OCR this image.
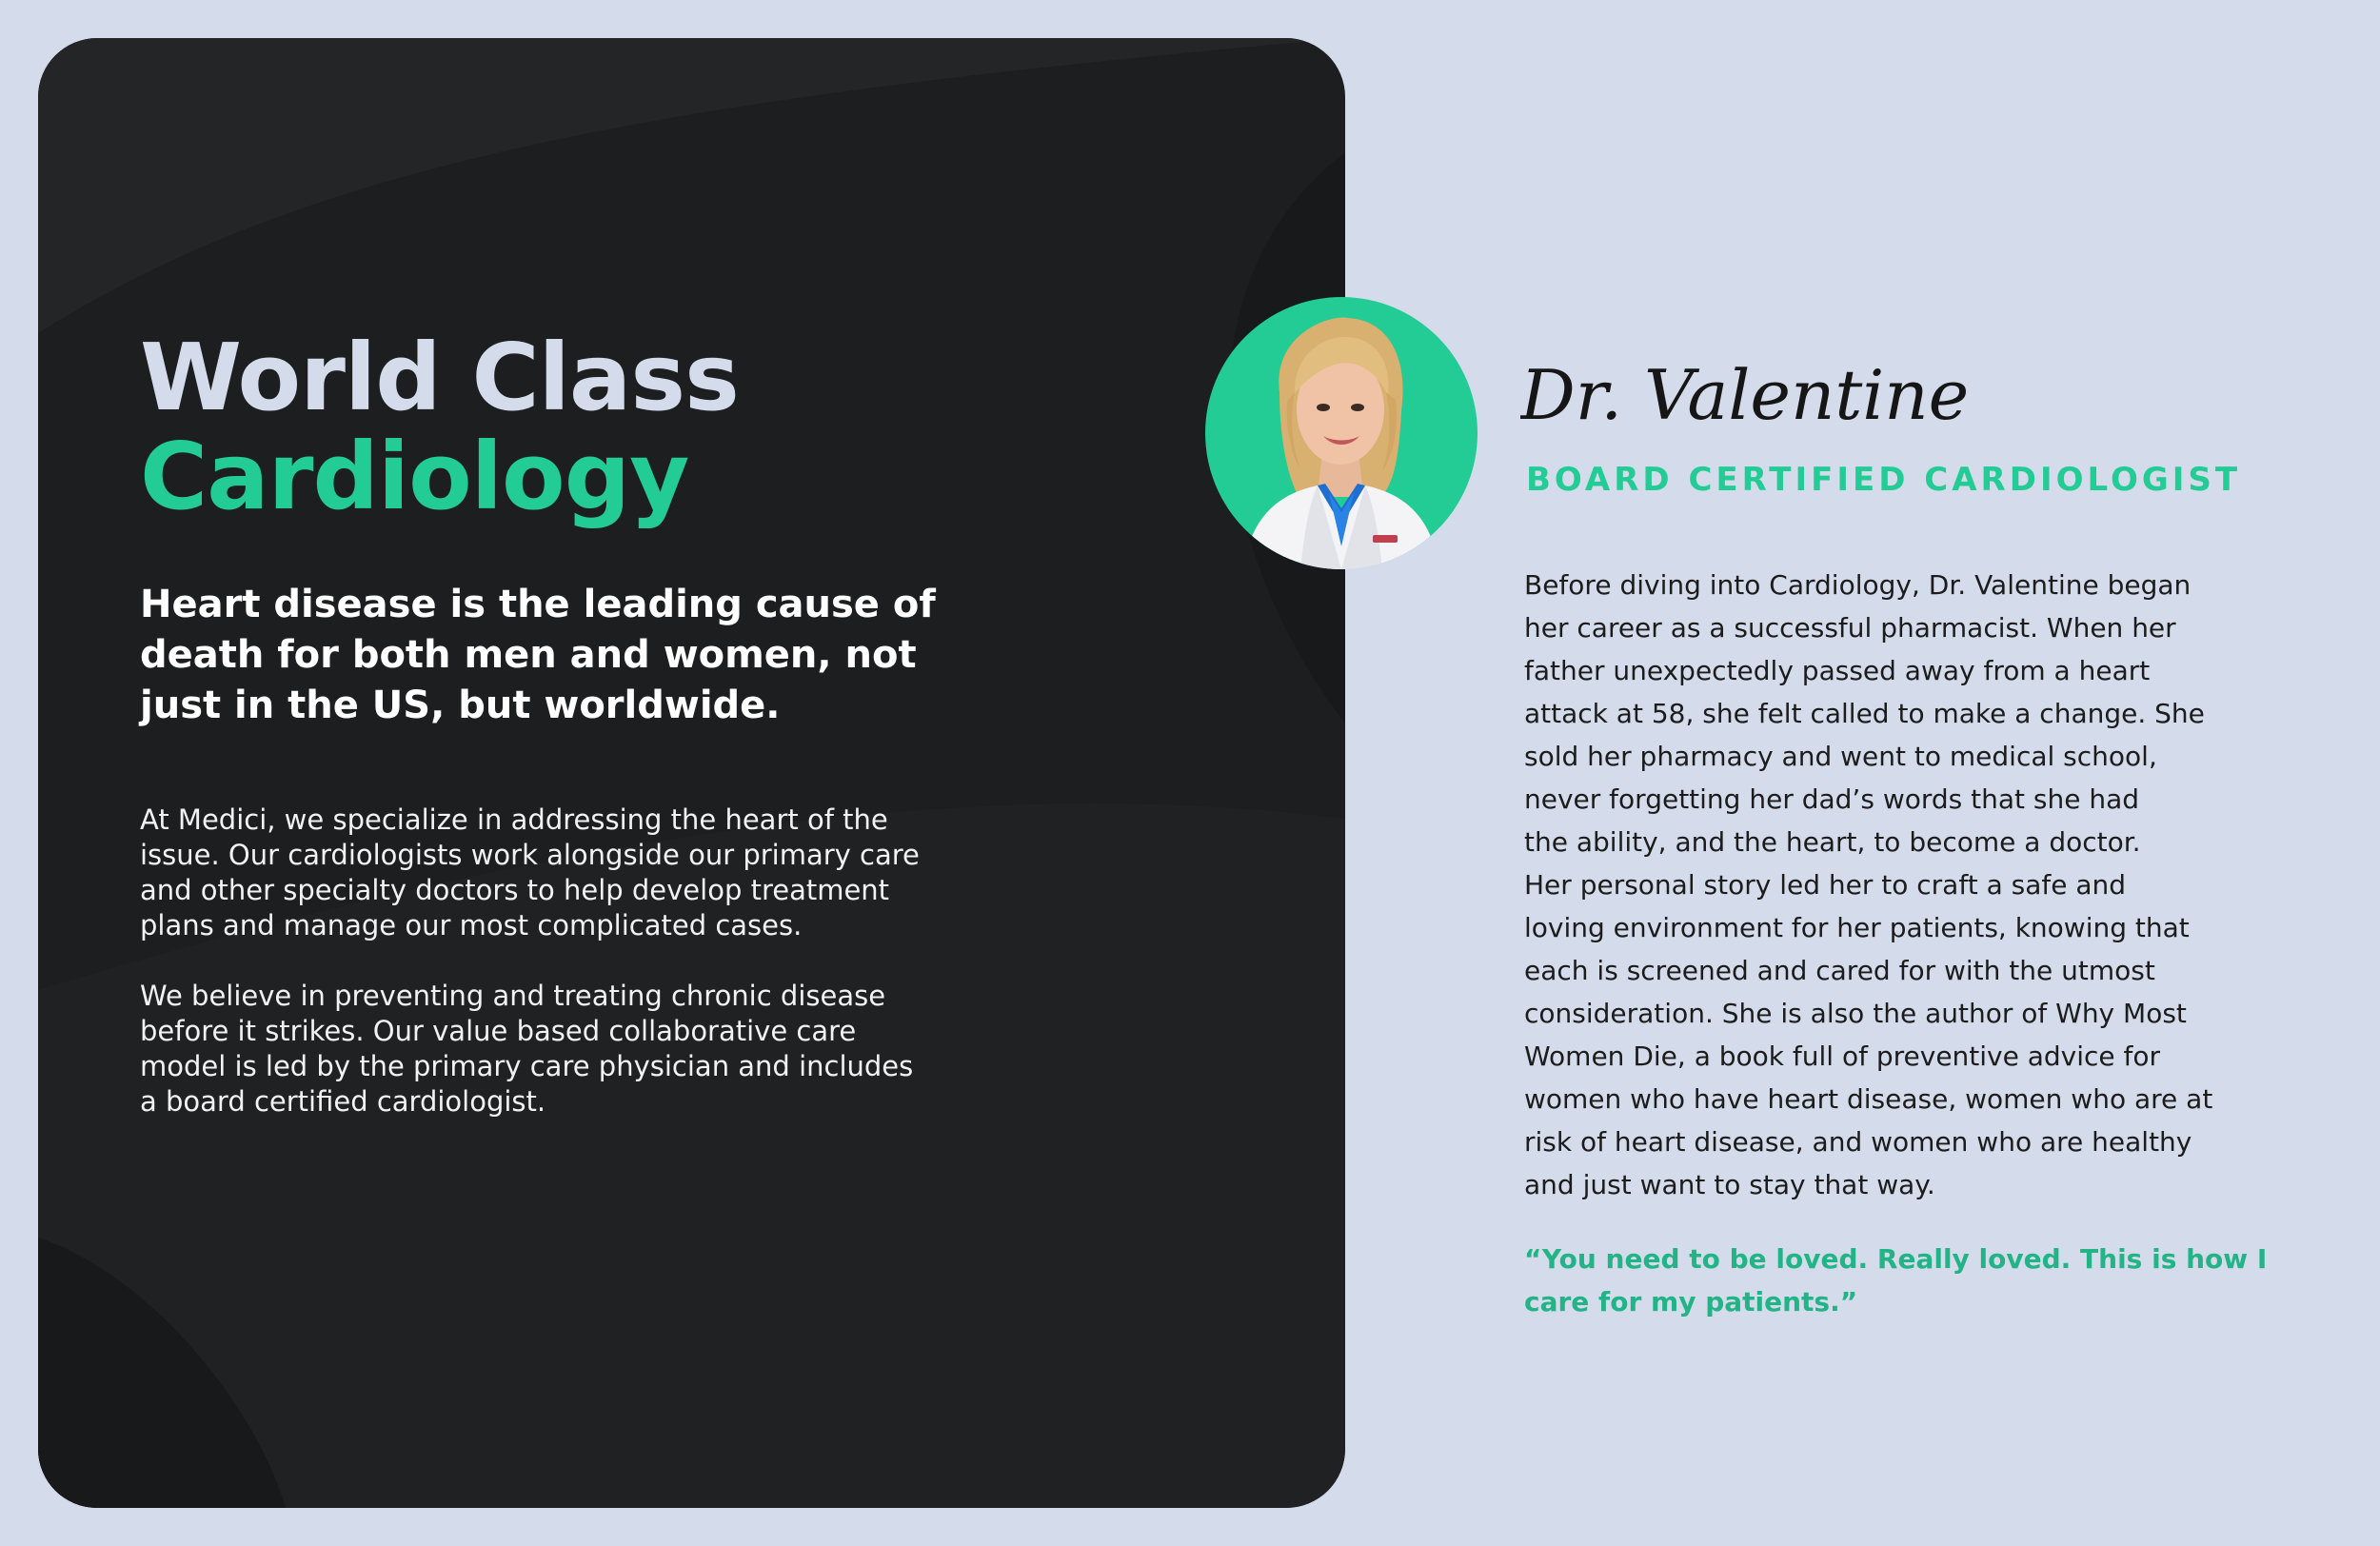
World Class
Cardiology
Heart disease is the leading cause of death for both men and women, not just in the US, but worldwide.
At Medici, we specialize in addressing the heart of the
issue. Our cardiologists work alongside our primary care
and other specialty doctors to help develop treatment
plans and manage our most complicated cases.
We believe in preventing and treating chronic disease
before it strikes. Our value based collaborative care
model is led by the primary care physician and includes
a board certified cardiologist.
Dr. Valentine
BOARD CERTIFIED CARDIOLOGIST
Before diving into Cardiology, Dr. Valentine began
her career as a successful pharmacist. When her
father unexpectedly passed away from a heart
attack at 58, she felt called to make a change. She
sold her pharmacy and went to medical school,
never forgetting her dad’s words that she had
the ability, and the heart, to become a doctor.
Her personal story led her to craft a safe and
loving environment for her patients, knowing that
each is screened and cared for with the utmost
consideration. She is also the author of Why Most
Women Die, a book full of preventive advice for
women who have heart disease, women who are at
risk of heart disease, and women who are healthy
and just want to stay that way.
“You need to be loved. Really loved. This is how I
care for my patients.”
